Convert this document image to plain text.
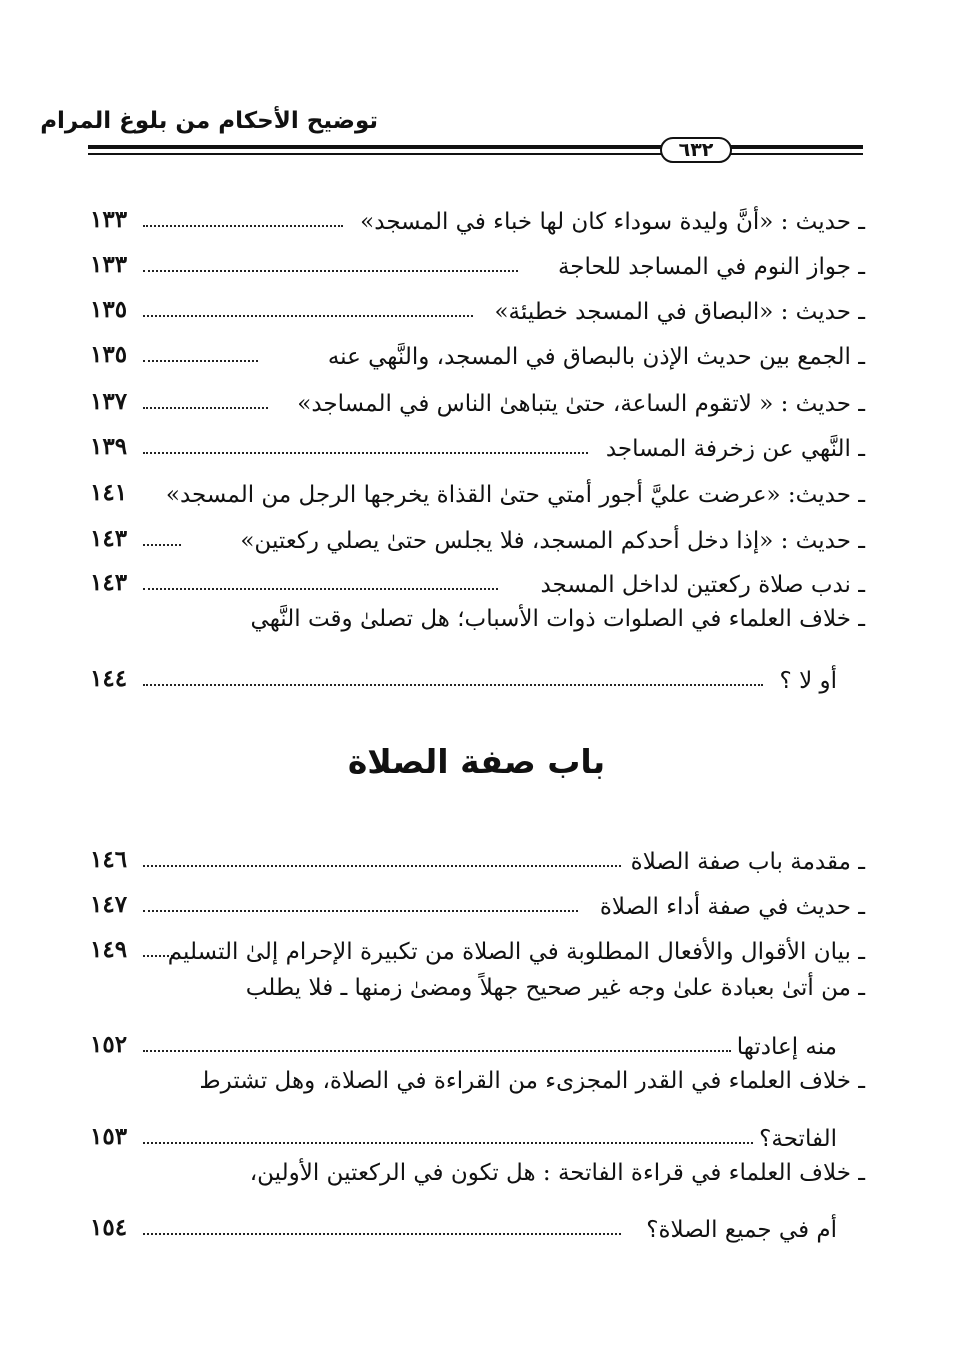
توضيح الأحكام من بلوغ المرام
٦٣٢
١٣٣	ـ حديث : «أنَّ وليدة سوداء كان لها خباء في المسجد»
١٣٣	ـ جواز النوم في المساجد للحاجة
١٣٥	ـ حديث : «البصاق في المسجد خطيئة»
١٣٥	ـ الجمع بين حديث الإذن بالبصاق في المسجد، والنَّهي عنه
١٣٧	ـ حديث : « لاتقوم الساعة، حتىٰ يتباهىٰ الناس في المساجد»
١٣٩	ـ النَّهي عن زخرفة المساجد
١٤١	ـ حديث: «عرضت عليَّ أجور أمتي حتىٰ القذاة يخرجها الرجل من المسجد»
١٤٣	ـ حديث : «إذا دخل أحدكم المسجد، فلا يجلس حتىٰ يصلي ركعتين»
١٤٣	ـ ندب صلاة ركعتين لداخل المسجد
ـ خلاف العلماء في الصلوات ذوات الأسباب؛ هل تصلىٰ وقت النَّهي
١٤٤	أو لا ؟
باب صفة الصلاة
١٤٦	ـ مقدمة باب صفة الصلاة
١٤٧	ـ حديث في صفة أداء الصلاة
١٤٩	ـ بيان الأقوال والأفعال المطلوبة في الصلاة من تكبيرة الإحرام إلىٰ التسليم
ـ من أتىٰ بعبادة علىٰ وجه غير صحيح جهلاً ومضىٰ زمنها ـ فلا يطلب
١٥٢	منه إعادتها
ـ خلاف العلماء في القدر المجزىء من القراءة في الصلاة، وهل تشترط
١٥٣	الفاتحة؟
ـ خلاف العلماء في قراءة الفاتحة : هل تكون في الركعتين الأولين،
١٥٤	أم في جميع الصلاة؟
